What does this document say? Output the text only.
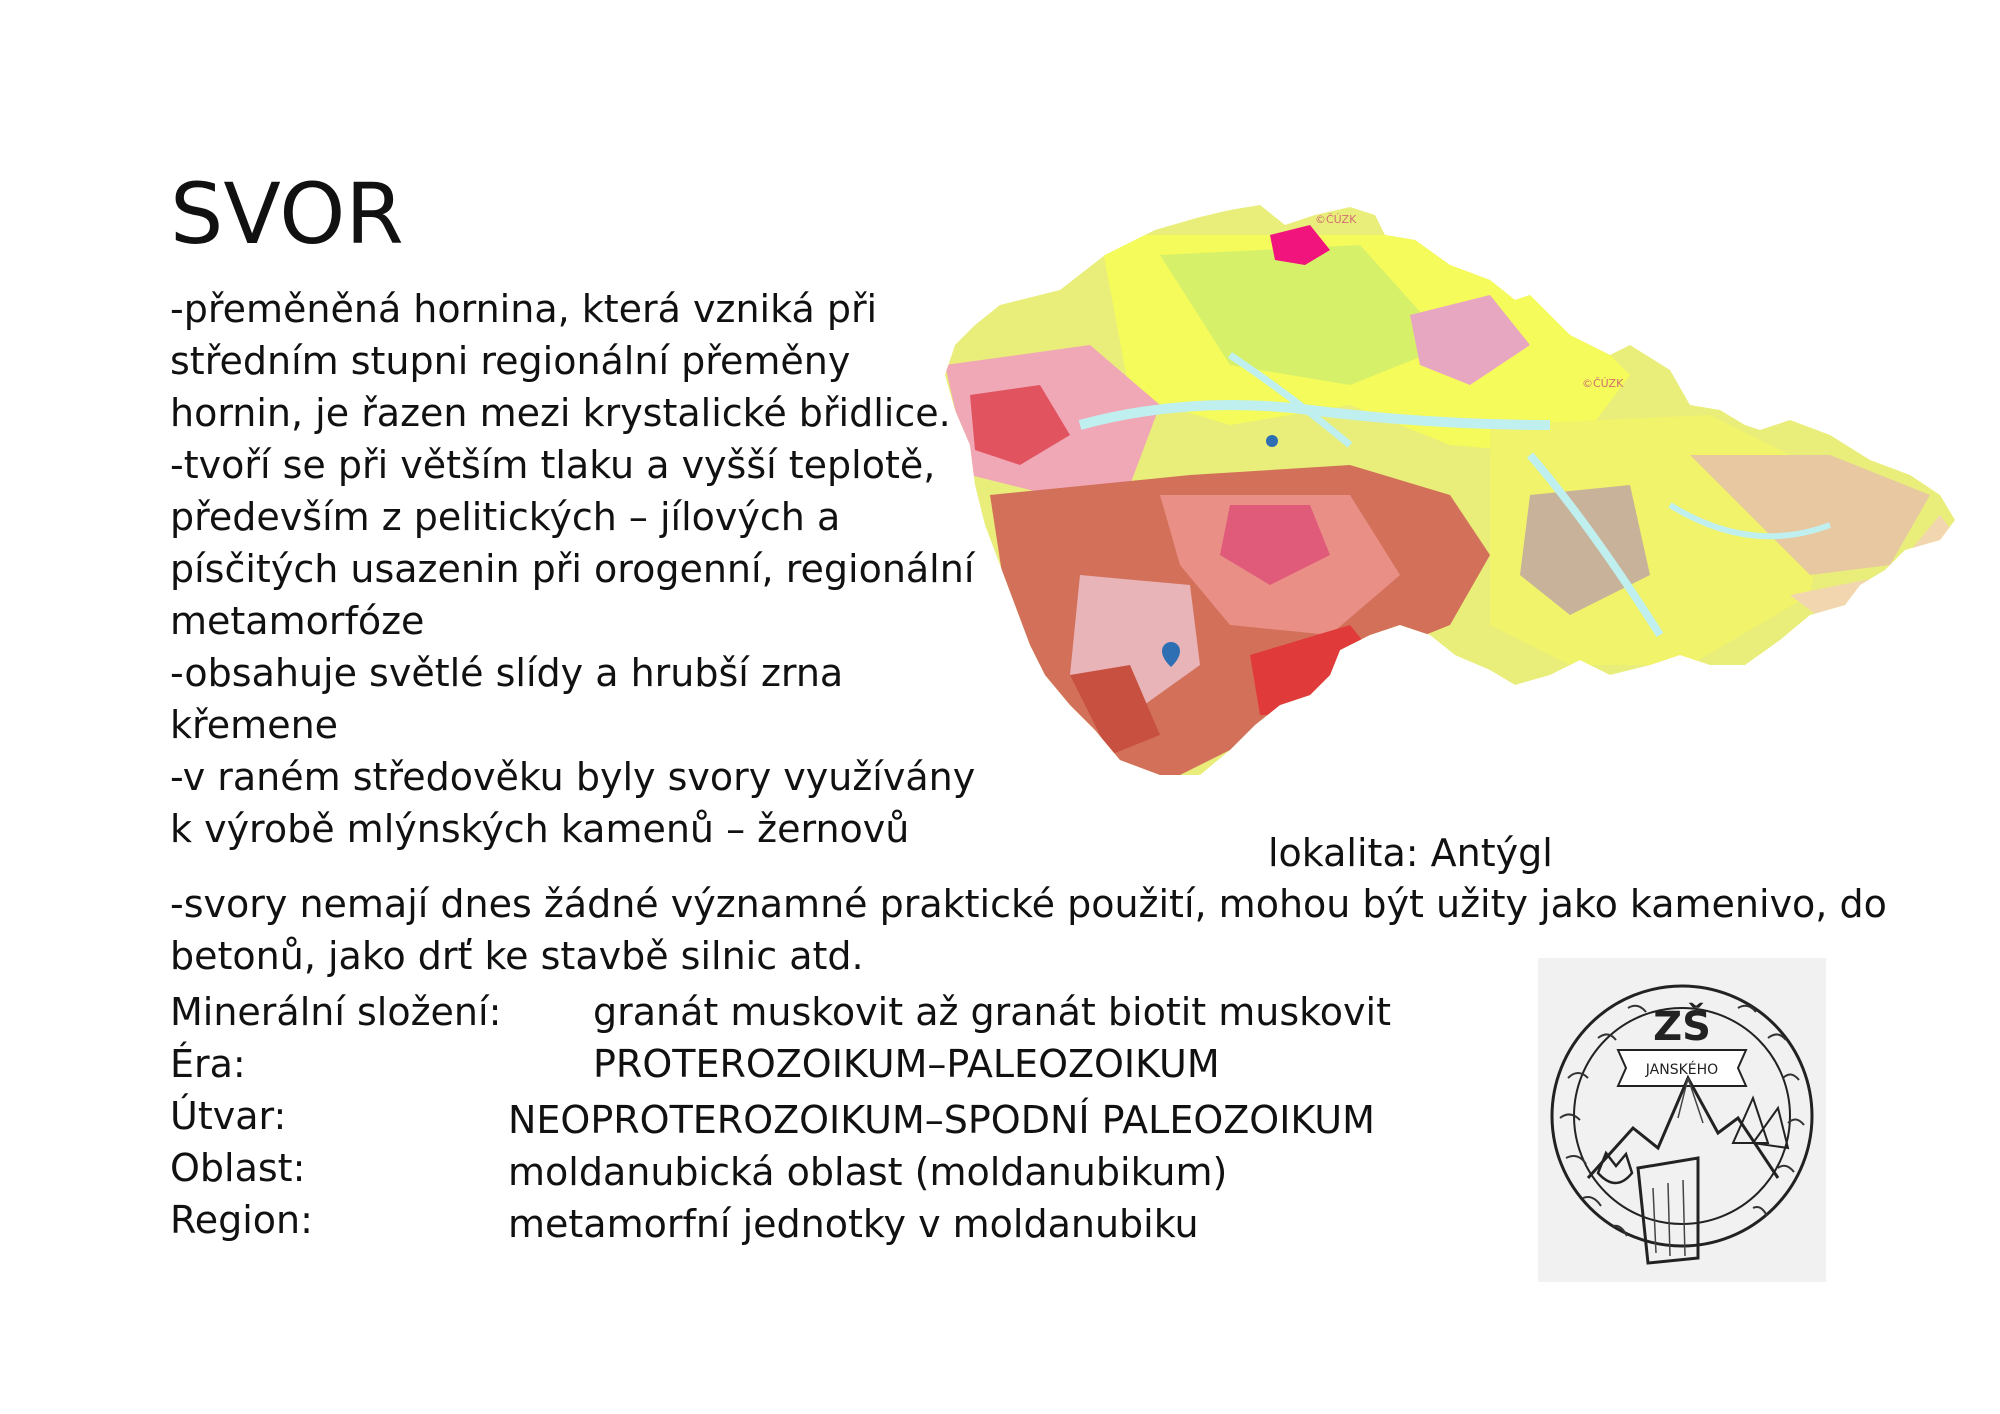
SVOR
-přeměněná hornina, která vzniká při
středním stupni regionální přeměny
hornin, je řazen mezi krystalické břidlice.
-tvoří se při větším tlaku a vyšší teplotě,
především z pelitických – jílových a
písčitých usazenin při orogenní, regionální
metamorfóze
-obsahuje světlé slídy a hrubší zrna
křemene
-v raném středověku byly svory využívány
k výrobě mlýnských kamenů – žernovů
©ČÚZK
©ČÚZK
lokalita: Antýgl
-svory nemají dnes žádné významné praktické použití, mohou být užity jako kamenivo, do
betonů, jako drť ke stavbě silnic atd.
Minerální složení: granát muskovit až granát biotit muskovit
Éra:	PROTEROZOIKUM–PALEOZOIKUM
Útvar:	NEOPROTEROZOIKUM–SPODNÍ PALEOZOIKUM
Oblast:	moldanubická oblast (moldanubikum)
Region:	metamorfní jednotky v moldanubiku
JANSKÉHO
ZŠ
